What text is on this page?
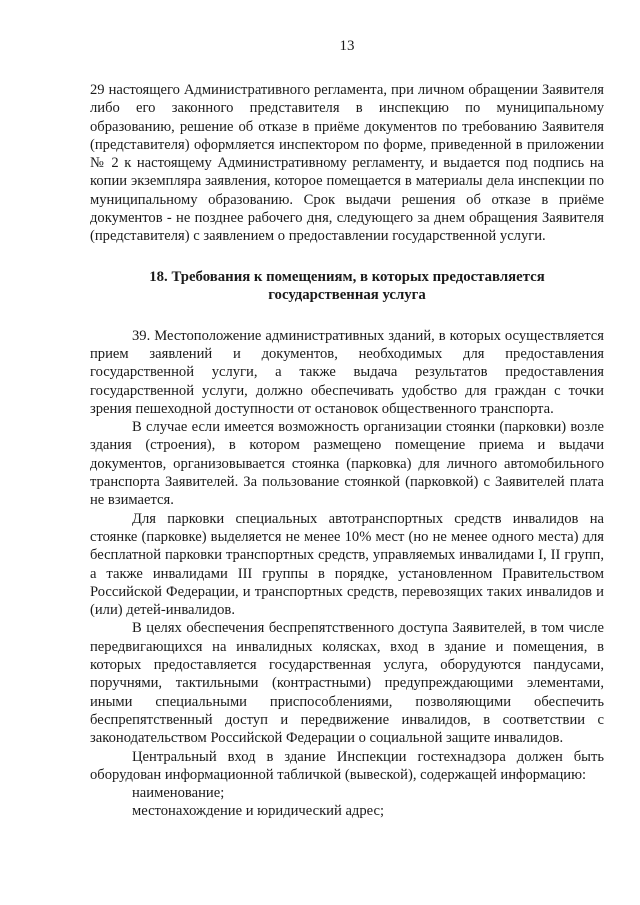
13

29 настоящего Административного регламента, при личном обращении Заявителя либо его законного представителя в инспекцию по муниципальному образованию, решение об отказе в приёме документов по требованию Заявителя (представителя) оформляется инспектором по форме, приведенной в приложении № 2 к настоящему Административному регламенту, и выдается под подпись на копии экземпляра заявления, которое помещается в материалы дела инспекции по муниципальному образованию. Срок выдачи решения об отказе в приёме документов - не позднее рабочего дня, следующего за днем обращения Заявителя (представителя) с заявлением о предоставлении государственной услуги.

18. Требования к помещениям, в которых предоставляется
государственная услуга

39. Местоположение административных зданий, в которых осуществляется прием заявлений и документов, необходимых для предоставления государственной услуги, а также выдача результатов предоставления государственной услуги, должно обеспечивать удобство для граждан с точки зрения пешеходной доступности от остановок общественного транспорта.

В случае если имеется возможность организации стоянки (парковки) возле здания (строения), в котором размещено помещение приема и выдачи документов, организовывается стоянка (парковка) для личного автомобильного транспорта Заявителей. За пользование стоянкой (парковкой) с Заявителей плата не взимается.

Для парковки специальных автотранспортных средств инвалидов на стоянке (парковке) выделяется не менее 10% мест (но не менее одного места) для бесплатной парковки транспортных средств, управляемых инвалидами I, II групп, а также инвалидами III группы в порядке, установленном Правительством Российской Федерации, и транспортных средств, перевозящих таких инвалидов и (или) детей-инвалидов.

В целях обеспечения беспрепятственного доступа Заявителей, в том числе передвигающихся на инвалидных колясках, вход в здание и помещения, в которых предоставляется государственная услуга, оборудуются пандусами, поручнями, тактильными (контрастными) предупреждающими элементами, иными специальными приспособлениями, позволяющими обеспечить беспрепятственный доступ и передвижение инвалидов, в соответствии с законодательством Российской Федерации о социальной защите инвалидов.

Центральный вход в здание Инспекции гостехнадзора должен быть оборудован информационной табличкой (вывеской), содержащей информацию:

наименование;

местонахождение и юридический адрес;
